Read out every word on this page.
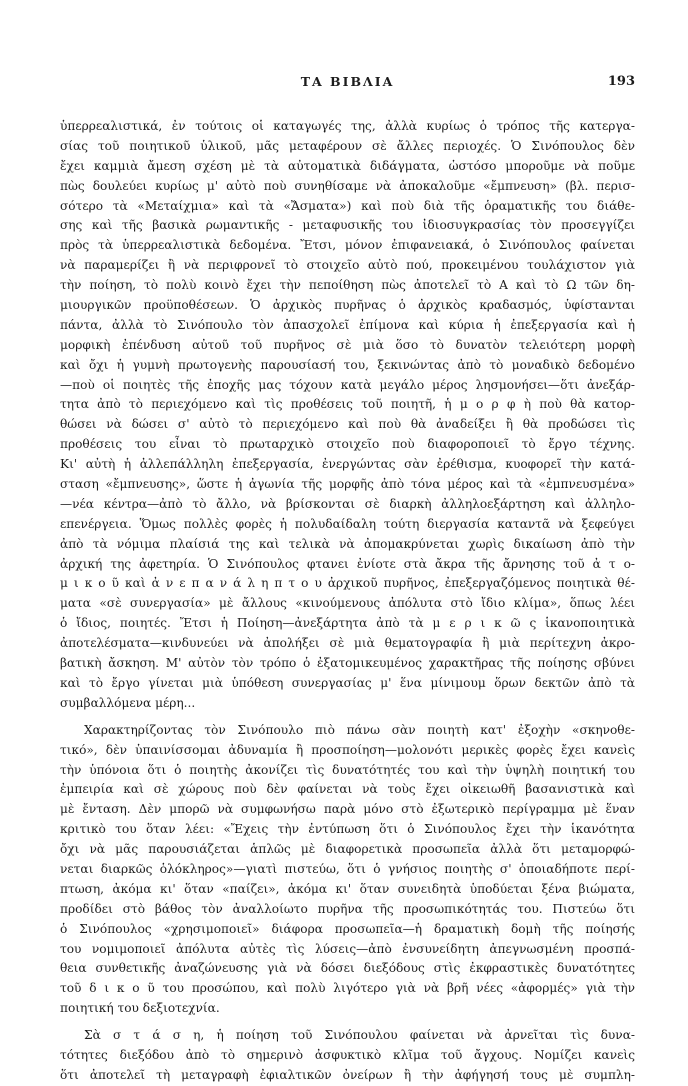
ΤΑ ΒΙΒΛΙΑ	193
ὑπερρεαλιστικά, ἐν τούτοις οἱ καταγωγές της, ἀλλὰ κυρίως ὁ τρόπος τῆς κατεργα-
σίας τοῦ ποιητικοῦ ὑλικοῦ, μᾶς μεταφέρουν σὲ ἄλλες περιοχές. Ὁ Σινόπουλος δὲν
ἔχει καμμιὰ ἄμεση σχέση μὲ τὰ αὐτοματικὰ διδάγματα, ὡστόσο μποροῦμε νὰ ποῦμε
πὼς δουλεύει κυρίως μ' αὐτὸ ποὺ συνηθίσαμε νὰ ἀποκαλοῦμε «ἔμπνευση» (βλ. περισ-
σότερο τὰ «Μεταίχμια» καὶ τὰ «Ἄσματα») καὶ ποὺ διὰ τῆς ὁραματικῆς του διάθε-
σης καὶ τῆς βασικὰ ρωμαντικῆς - μεταφυσικῆς του ἰδιοσυγκρασίας τὸν προσεγγίζει
πρὸς τὰ ὑπερρεαλιστικὰ δεδομένα. Ἔτσι, μόνον ἐπιφανειακά, ὁ Σινόπουλος φαίνεται
νὰ παραμερίζει ἢ νὰ περιφρονεῖ τὸ στοιχεῖο αὐτὸ πού, προκειμένου τουλάχιστον γιὰ
τὴν ποίηση, τὸ πολὺ κοινὸ ἔχει τὴν πεποίθηση πὼς ἀποτελεῖ τὸ Α καὶ τὸ Ω τῶν δη-
μιουργικῶν προϋποθέσεων. Ὁ ἀρχικὸς πυρῆνας ὁ ἀρχικὸς κραδασμός, ὑφίστανται
πάντα, ἀλλὰ τὸ Σινόπουλο τὸν ἀπασχολεῖ ἐπίμονα καὶ κύρια ἡ ἐπεξεργασία καὶ ἡ
μορφικὴ ἐπένδυση αὐτοῦ τοῦ πυρῆνος σὲ μιὰ ὅσο τὸ δυνατὸν τελειότερη μορφὴ
καὶ ὄχι ἡ γυμνὴ πρωτογενὴς παρουσίασή του, ξεκινώντας ἀπὸ τὸ μοναδικὸ δεδομένο
—ποὺ οἱ ποιητὲς τῆς ἐποχῆς μας τόχουν κατὰ μεγάλο μέρος λησμονήσει—ὅτι ἀνεξάρ-
τητα ἀπὸ τὸ περιεχόμενο καὶ τὶς προθέσεις τοῦ ποιητῆ, ἡ μ ο ρ φ ὴ ποὺ θὰ κατορ-
θώσει νὰ δώσει σ' αὐτὸ τὸ περιεχόμενο καὶ ποὺ θὰ ἀναδείξει ἢ θὰ προδώσει τὶς
προθέσεις του εἶναι τὸ πρωταρχικὸ στοιχεῖο ποὺ διαφοροποιεῖ τὸ ἔργο τέχνης.
Κι' αὐτὴ ἡ ἀλλεπάλληλη ἐπεξεργασία, ἐνεργώντας σὰν ἐρέθισμα, κυοφορεῖ τὴν κατά-
σταση «ἔμπνευσης», ὥστε ἡ ἀγωνία τῆς μορφῆς ἀπὸ τόνα μέρος καὶ τὰ «ἐμπνευσμένα»
—νέα κέντρα—ἀπὸ τὸ ἄλλο, νὰ βρίσκονται σὲ διαρκὴ ἀλληλοεξάρτηση καὶ ἀλληλο-
επενέργεια. Ὅμως πολλὲς φορὲς ἡ πολυδαίδαλη τούτη διεργασία καταντᾶ νὰ ξεφεύγει
ἀπὸ τὰ νόμιμα πλαίσιά της καὶ τελικὰ νὰ ἀπομακρύνεται χωρὶς δικαίωση ἀπὸ τὴν
ἀρχική της ἀφετηρία. Ὁ Σινόπουλος φτανει ἐνίοτε στὰ ἄκρα τῆς ἄρνησης τοῦ ἀ τ ο-
μ ι κ ο ῦ καὶ ἀ ν ε π α ν ά λ η π τ ο υ ἀρχικοῦ πυρῆνος, ἐπεξεργαζόμενος ποιητικὰ θέ-
ματα «σὲ συνεργασία» μὲ ἄλλους «κινούμενους ἀπόλυτα στὸ ἴδιο κλίμα», ὅπως λέει
ὁ ἴδιος, ποιητές. Ἔτσι ἡ Ποίηση—ἀνεξάρτητα ἀπὸ τὰ μ ε ρ ι κ ῶ ς ἱκανοποιητικὰ
ἀποτελέσματα—κινδυνεύει νὰ ἀπολήξει σὲ μιὰ θεματογραφία ἢ μιὰ περίτεχνη ἀκρο-
βατικὴ ἄσκηση. Μ' αὐτὸν τὸν τρόπο ὁ ἐξατομικευμένος χαρακτῆρας τῆς ποίησης σβύνει
καὶ τὸ ἔργο γίνεται μιὰ ὑπόθεση συνεργασίας μ' ἕνα μίνιμουμ ὅρων δεκτῶν ἀπὸ τὰ
συμβαλλόμενα μέρη...
Χαρακτηρίζοντας τὸν Σινόπουλο πιὸ πάνω σὰν ποιητὴ κατ' ἐξοχὴν «σκηνοθε-
τικό», δὲν ὑπαινίσσομαι ἀδυναμία ἢ προσποίηση—μολονότι μερικὲς φορὲς ἔχει κανεὶς
τὴν ὑπόνοια ὅτι ὁ ποιητὴς ἀκονίζει τὶς δυνατότητές του καὶ τὴν ὑψηλὴ ποιητική του
ἐμπειρία καὶ σὲ χώρους ποὺ δὲν φαίνεται νὰ τοὺς ἔχει οἰκειωθῆ βασανιστικὰ καὶ
μὲ ἔνταση. Δὲν μπορῶ νὰ συμφωνήσω παρὰ μόνο στὸ ἐξωτερικὸ περίγραμμα μὲ ἕναν
κριτικὸ του ὅταν λέει: «Ἔχεις τὴν ἐντύπωση ὅτι ὁ Σινόπουλος ἔχει τὴν ἱκανότητα
ὄχι νὰ μᾶς παρουσιάζεται ἁπλῶς μὲ διαφορετικὰ προσωπεῖα ἀλλὰ ὅτι μεταμορφώ-
νεται διαρκῶς ὁλόκληρος»—γιατὶ πιστεύω, ὅτι ὁ γνήσιος ποιητὴς σ' ὁποιαδήποτε περί-
πτωση, ἀκόμα κι' ὅταν «παίζει», ἀκόμα κι' ὅταν συνειδητὰ ὑποδύεται ξένα βιώματα,
προδίδει στὸ βάθος τὸν ἀναλλοίωτο πυρῆνα τῆς προσωπικότητάς του. Πιστεύω ὅτι
ὁ Σινόπουλος «χρησιμοποιεῖ» διάφορα προσωπεῖα—ἡ δραματικὴ δομὴ τῆς ποίησής
του νομιμοποιεῖ ἀπόλυτα αὐτὲς τὶς λύσεις—ἀπὸ ἐνσυνείδητη ἀπεγνωσμένη προσπά-
θεια συνθετικῆς ἀναζώνευσης γιὰ νὰ δόσει διεξόδους στὶς ἐκφραστικὲς δυνατότητες
τοῦ δ ι κ ο ῦ του προσώπου, καὶ πολὺ λιγότερο γιὰ νὰ βρῆ νέες «ἀφορμές» γιὰ τὴν
ποιητική του δεξιοτεχνία.
Σὰ σ τ ά σ η, ἡ ποίηση τοῦ Σινόπουλου φαίνεται νὰ ἀρνεῖται τὶς δυνα-
τότητες διεξόδου ἀπὸ τὸ σημερινὸ ἀσφυκτικὸ κλῖμα τοῦ ἄγχους. Νομίζει κανεὶς
ὅτι ἀποτελεῖ τὴ μεταγραφὴ ἐφιαλτικῶν ὀνείρων ἢ τὴν ἀφήγησή τους μὲ συμπλη-
